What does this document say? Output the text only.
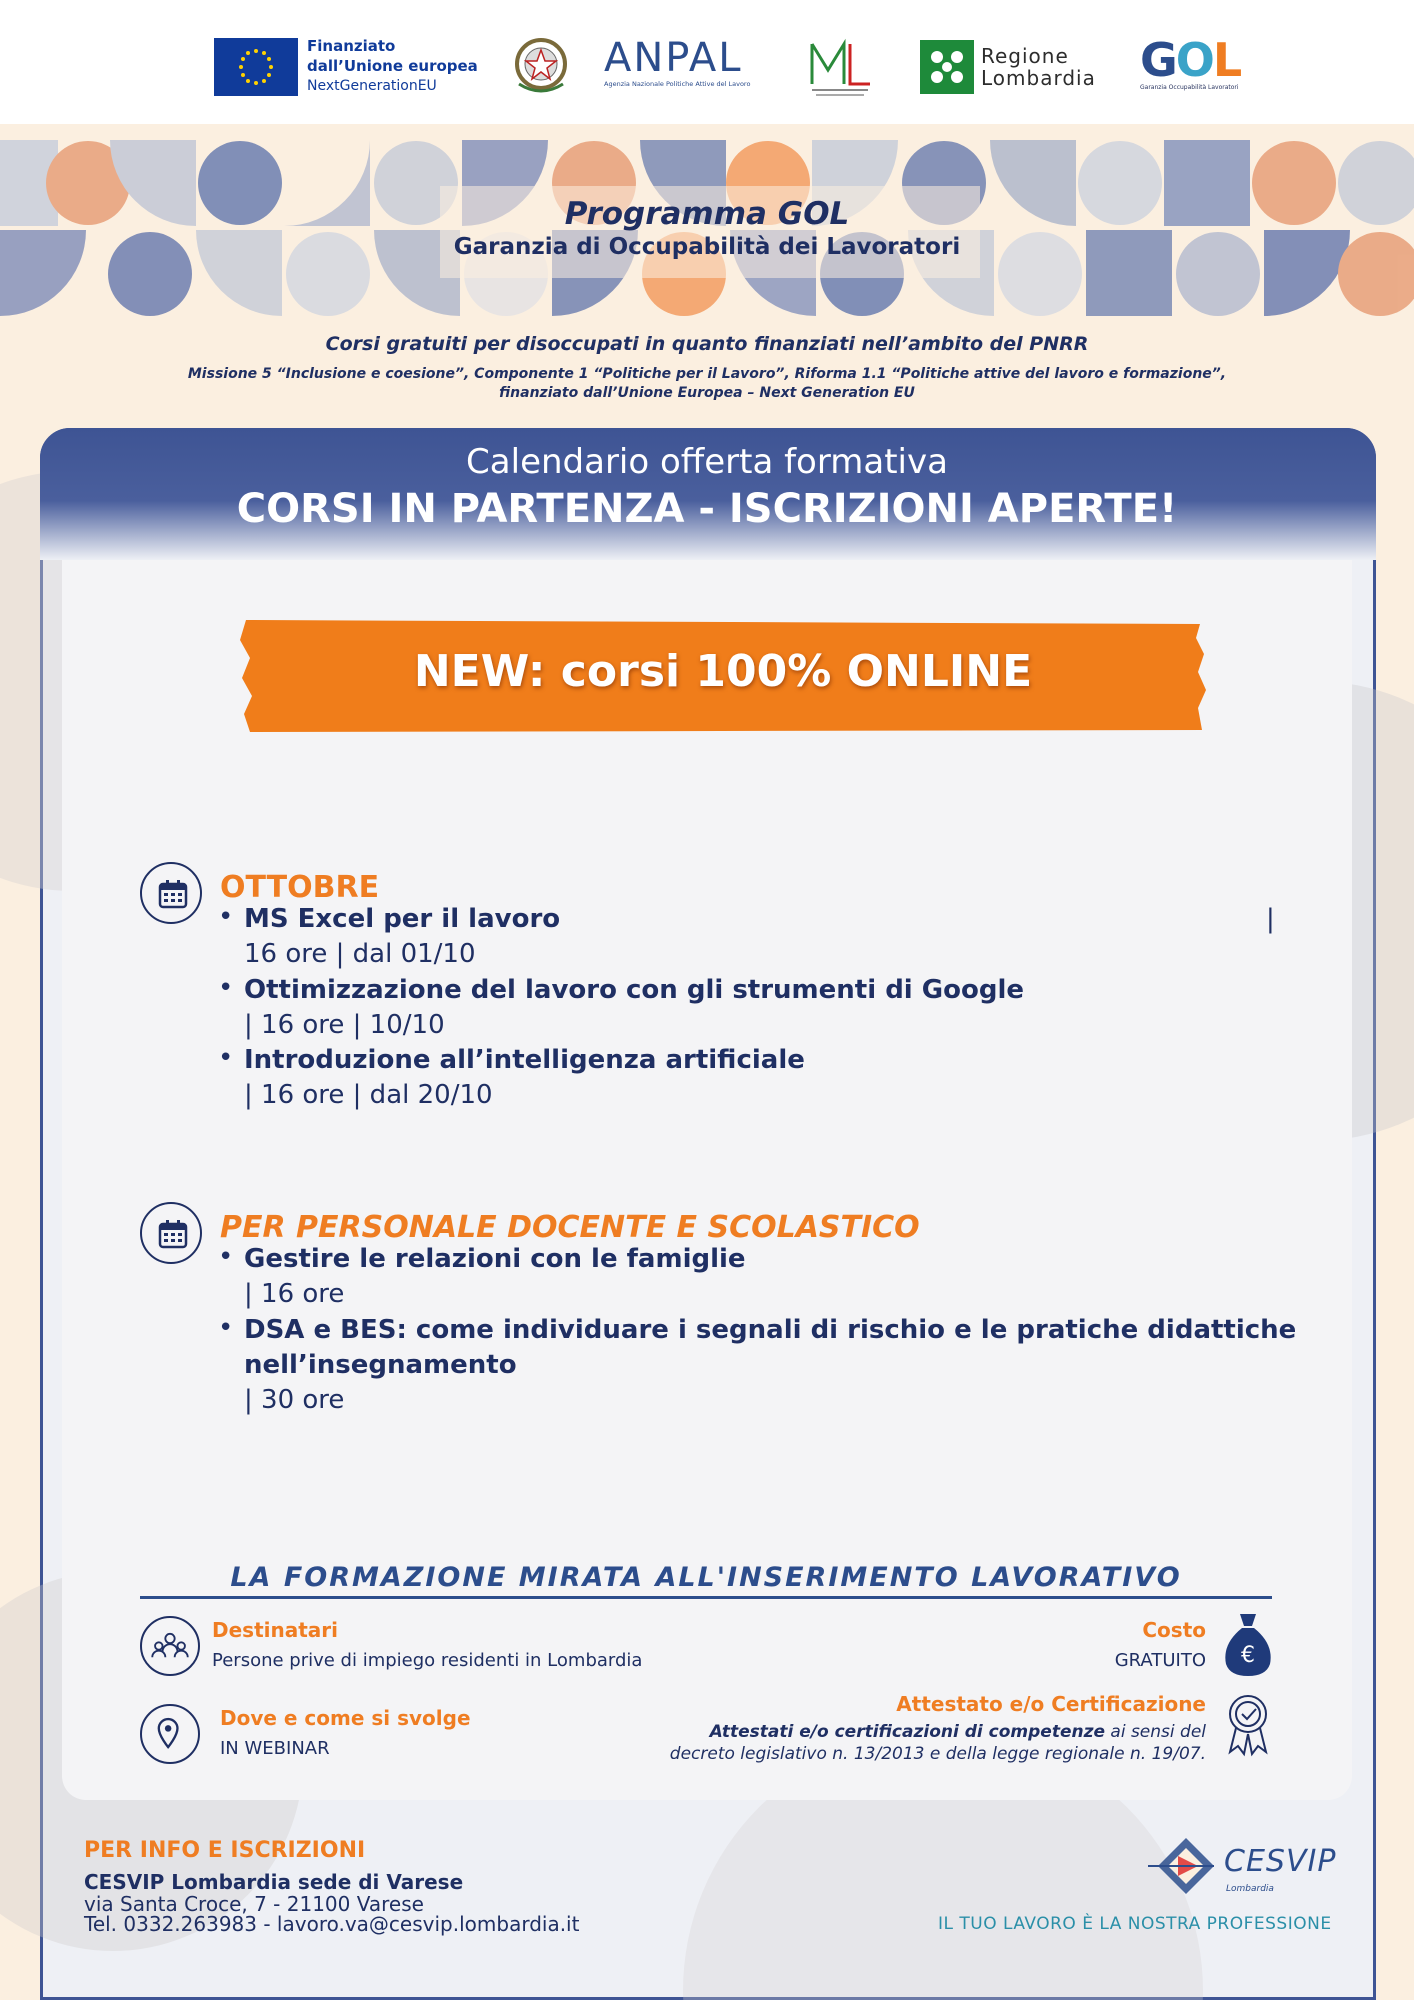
Finanziato
dall’Unione europea
NextGenerationEU
ANPAL
Agenzia Nazionale Politiche Attive del Lavoro
Regione
Lombardia GOL
Garanzia Occupabilità Lavoratori
Programma GOL
Garanzia di Occupabilità dei Lavoratori
Corsi gratuiti per disoccupati in quanto finanziati nell’ambito del PNRR
Missione 5 “Inclusione e coesione”, Componente 1 “Politiche per il Lavoro”, Riforma 1.1 “Politiche attive del lavoro e formazione”,
finanziato dall’Unione Europea – Next Generation EU
Calendario offerta formativa
CORSI IN PARTENZA - ISCRIZIONI APERTE!
NEW: corsi 100% ONLINE
OTTOBRE
• MS Excel per il lavoro
16 ore | dal 01/10
• Ottimizzazione del lavoro con gli strumenti di Google
| 16 ore | 10/10
• Introduzione all’intelligenza artificiale
| 16 ore | dal 20/10
|
PER PERSONALE DOCENTE E SCOLASTICO
• Gestire le relazioni con le famiglie
| 16 ore
• DSA e BES: come individuare i segnali di rischio e le pratiche didattiche
nell’insegnamento
| 30 ore
LA FORMAZIONE MIRATA ALL'INSERIMENTO LAVORATIVO
Destinatari
Persone prive di impiego residenti in Lombardia
Costo
GRATUITO €
Dove e come si svolge
IN WEBINAR
Attestato e/o Certificazione
Attestati e/o certificazioni di competenze ai sensi del
decreto legislativo n. 13/2013 e della legge regionale n. 19/07.
PER INFO E ISCRIZIONI
CESVIP Lombardia sede di Varese
via Santa Croce, 7 - 21100 Varese
Tel. 0332.263983 - lavoro.va@cesvip.lombardia.it
CESVIP
Lombardia
IL TUO LAVORO È LA NOSTRA PROFESSIONE
